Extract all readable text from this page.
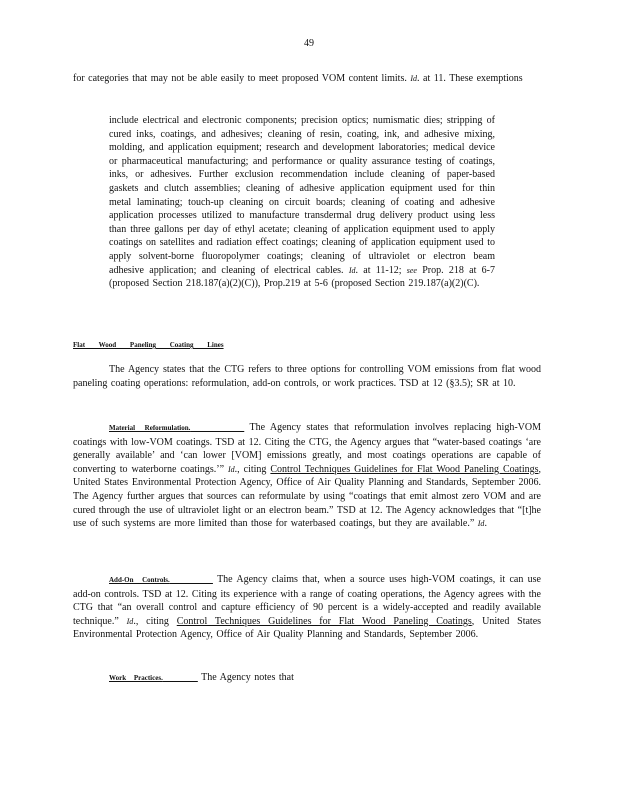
49
for categories that may not be able easily to meet proposed VOM content limits. Id. at 11. These exemptions
include electrical and electronic components; precision optics; numismatic dies; stripping of cured inks, coatings, and adhesives; cleaning of resin, coating, ink, and adhesive mixing, molding, and application equipment; research and development laboratories; medical device or pharmaceutical manufacturing; and performance or quality assurance testing of coatings, inks, or adhesives. Further exclusion recommendation include cleaning of paper-based gaskets and clutch assemblies; cleaning of adhesive application equipment used for thin metal laminating; touch-up cleaning on circuit boards; cleaning of coating and adhesive application processes utilized to manufacture transdermal drug delivery product using less than three gallons per day of ethyl acetate; cleaning of application equipment used to apply coatings on satellites and radiation effect coatings; cleaning of application equipment used to apply solvent-borne fluoropolymer coatings; cleaning of ultraviolet or electron beam adhesive application; and cleaning of electrical cables. Id. at 11-12; see Prop. 218 at 6-7 (proposed Section 218.187(a)(2)(C)), Prop.219 at 5-6 (proposed Section 219.187(a)(2)(C).
Flat Wood Paneling Coating Lines
The Agency states that the CTG refers to three options for controlling VOM emissions from flat wood paneling coating operations: reformulation, add-on controls, or work practices. TSD at 12 (§3.5); SR at 10.
Material Reformulation.	The Agency states that reformulation involves replacing high-VOM coatings with low-VOM coatings. TSD at 12. Citing the CTG, the Agency argues that “water-based coatings ‘are generally available’ and ‘can lower [VOM] emissions greatly, and most coatings operations are capable of converting to waterborne coatings.’” Id., citing Control Techniques Guidelines for Flat Wood Paneling Coatings, United States Environmental Protection Agency, Office of Air Quality Planning and Standards, September 2006. The Agency further argues that sources can reformulate by using “coatings that emit almost zero VOM and are cured through the use of ultraviolet light or an electron beam.” TSD at 12. The Agency acknowledges that “[t]he use of such systems are more limited than those for waterbased coatings, but they are available.” Id.
Add-On Controls.	The Agency claims that, when a source uses high-VOM coatings, it can use add-on controls. TSD at 12. Citing its experience with a range of coating operations, the Agency agrees with the CTG that “an overall control and capture efficiency of 90 percent is a widely-accepted and readily available technique.” Id., citing Control Techniques Guidelines for Flat Wood Paneling Coatings, United States Environmental Protection Agency, Office of Air Quality Planning and Standards, September 2006.
Work Practices.	The Agency notes that
